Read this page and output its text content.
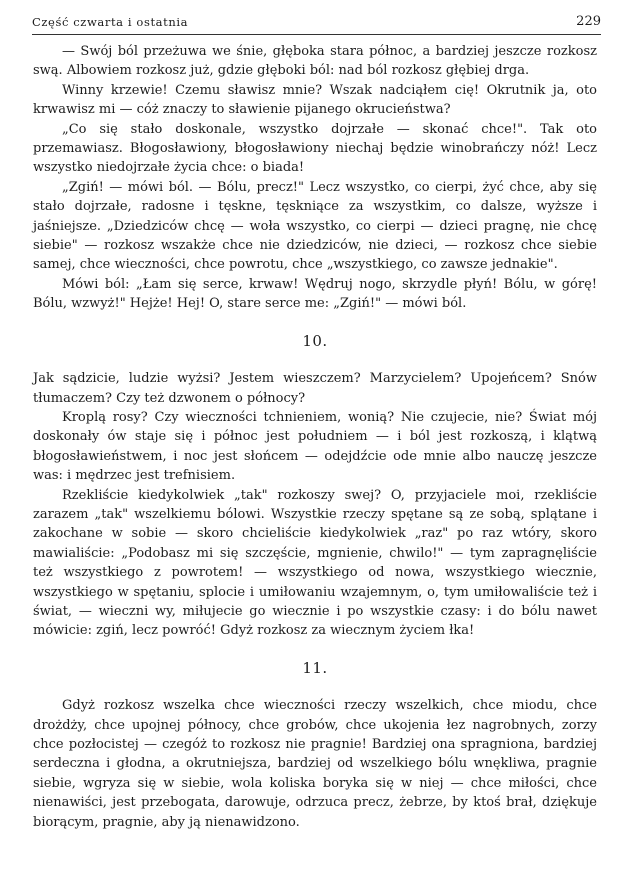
Część czwarta i ostatnia	229

— Swój ból przeżuwa we śnie, głęboka stara północ, a bardziej jeszcze rozkosz swą. Albowiem rozkosz już, gdzie głęboki ból: nad ból rozkosz głębiej drga.

Winny krzewie! Czemu sławisz mnie? Wszak nadciąłem cię! Okrutnik ja, oto krwawisz mi — cóż znaczy to sławienie pijanego okrucieństwa?

„Co się stało doskonale, wszystko dojrzałe — skonać chce!". Tak oto przemawiasz. Błogosławiony, błogosławiony niechaj będzie winobrańczy nóż! Lecz wszystko niedojrzałe życia chce: o biada!

„Zgiń! — mówi ból. — Bólu, precz!" Lecz wszystko, co cierpi, żyć chce, aby się stało dojrzałe, radosne i tęskne, tęskniące za wszystkim, co dalsze, wyższe i jaśniejsze. „Dziedziców chcę — woła wszystko, co cierpi — dzieci pragnę, nie chcę siebie" — rozkosz wszakże chce nie dziedziców, nie dzieci, — rozkosz chce siebie samej, chce wieczności, chce powrotu, chce „wszystkiego, co zawsze jednakie".

Mówi ból: „Łam się serce, krwaw! Wędruj nogo, skrzydle płyń! Bólu, w górę! Bólu, wzwyż!" Hejże! Hej! O, stare serce me: „Zgiń!" — mówi ból.

10.

Jak sądzicie, ludzie wyżsi? Jestem wieszczem? Marzycielem? Upojeńcem? Snów tłumaczem? Czy też dzwonem o północy?

Kroplą rosy? Czy wieczności tchnieniem, wonią? Nie czujecie, nie? Świat mój doskonały ów staje się i północ jest południem — i ból jest rozkoszą, i klątwą błogosławieństwem, i noc jest słońcem — odejdźcie ode mnie albo nauczę jeszcze was: i mędrzec jest trefnisiem.

Rzekliście kiedykolwiek „tak" rozkoszy swej? O, przyjaciele moi, rzekliście zarazem „tak" wszelkiemu bólowi. Wszystkie rzeczy spętane są ze sobą, splątane i zakochane w sobie — skoro chcieliście kiedykolwiek „raz" po raz wtóry, skoro mawialiście: „Podobasz mi się szczęście, mgnienie, chwilo!" — tym zapragnęliście też wszystkiego z powrotem! — wszystkiego od nowa, wszystkiego wiecznie, wszystkiego w spętaniu, splocie i umiłowaniu wzajemnym, o, tym umiłowaliście też i świat, — wieczni wy, miłujecie go wiecznie i po wszystkie czasy: i do bólu nawet mówicie: zgiń, lecz powróć! Gdyż rozkosz za wiecznym życiem łka!

11.

Gdyż rozkosz wszelka chce wieczności rzeczy wszelkich, chce miodu, chce drożdży, chce upojnej północy, chce grobów, chce ukojenia łez nagrobnych, zorzy chce pozłocistej — czegóż to rozkosz nie pragnie! Bardziej ona spragniona, bardziej serdeczna i głodna, a okrutniejsza, bardziej od wszelkiego bólu wnękliwa, pragnie siebie, wgryza się w siebie, wola koliska boryka się w niej — chce miłości, chce nienawiści, jest przebogata, darowuje, odrzuca precz, żebrze, by ktoś brał, dziękuje biorącym, pragnie, aby ją nienawidzono.
